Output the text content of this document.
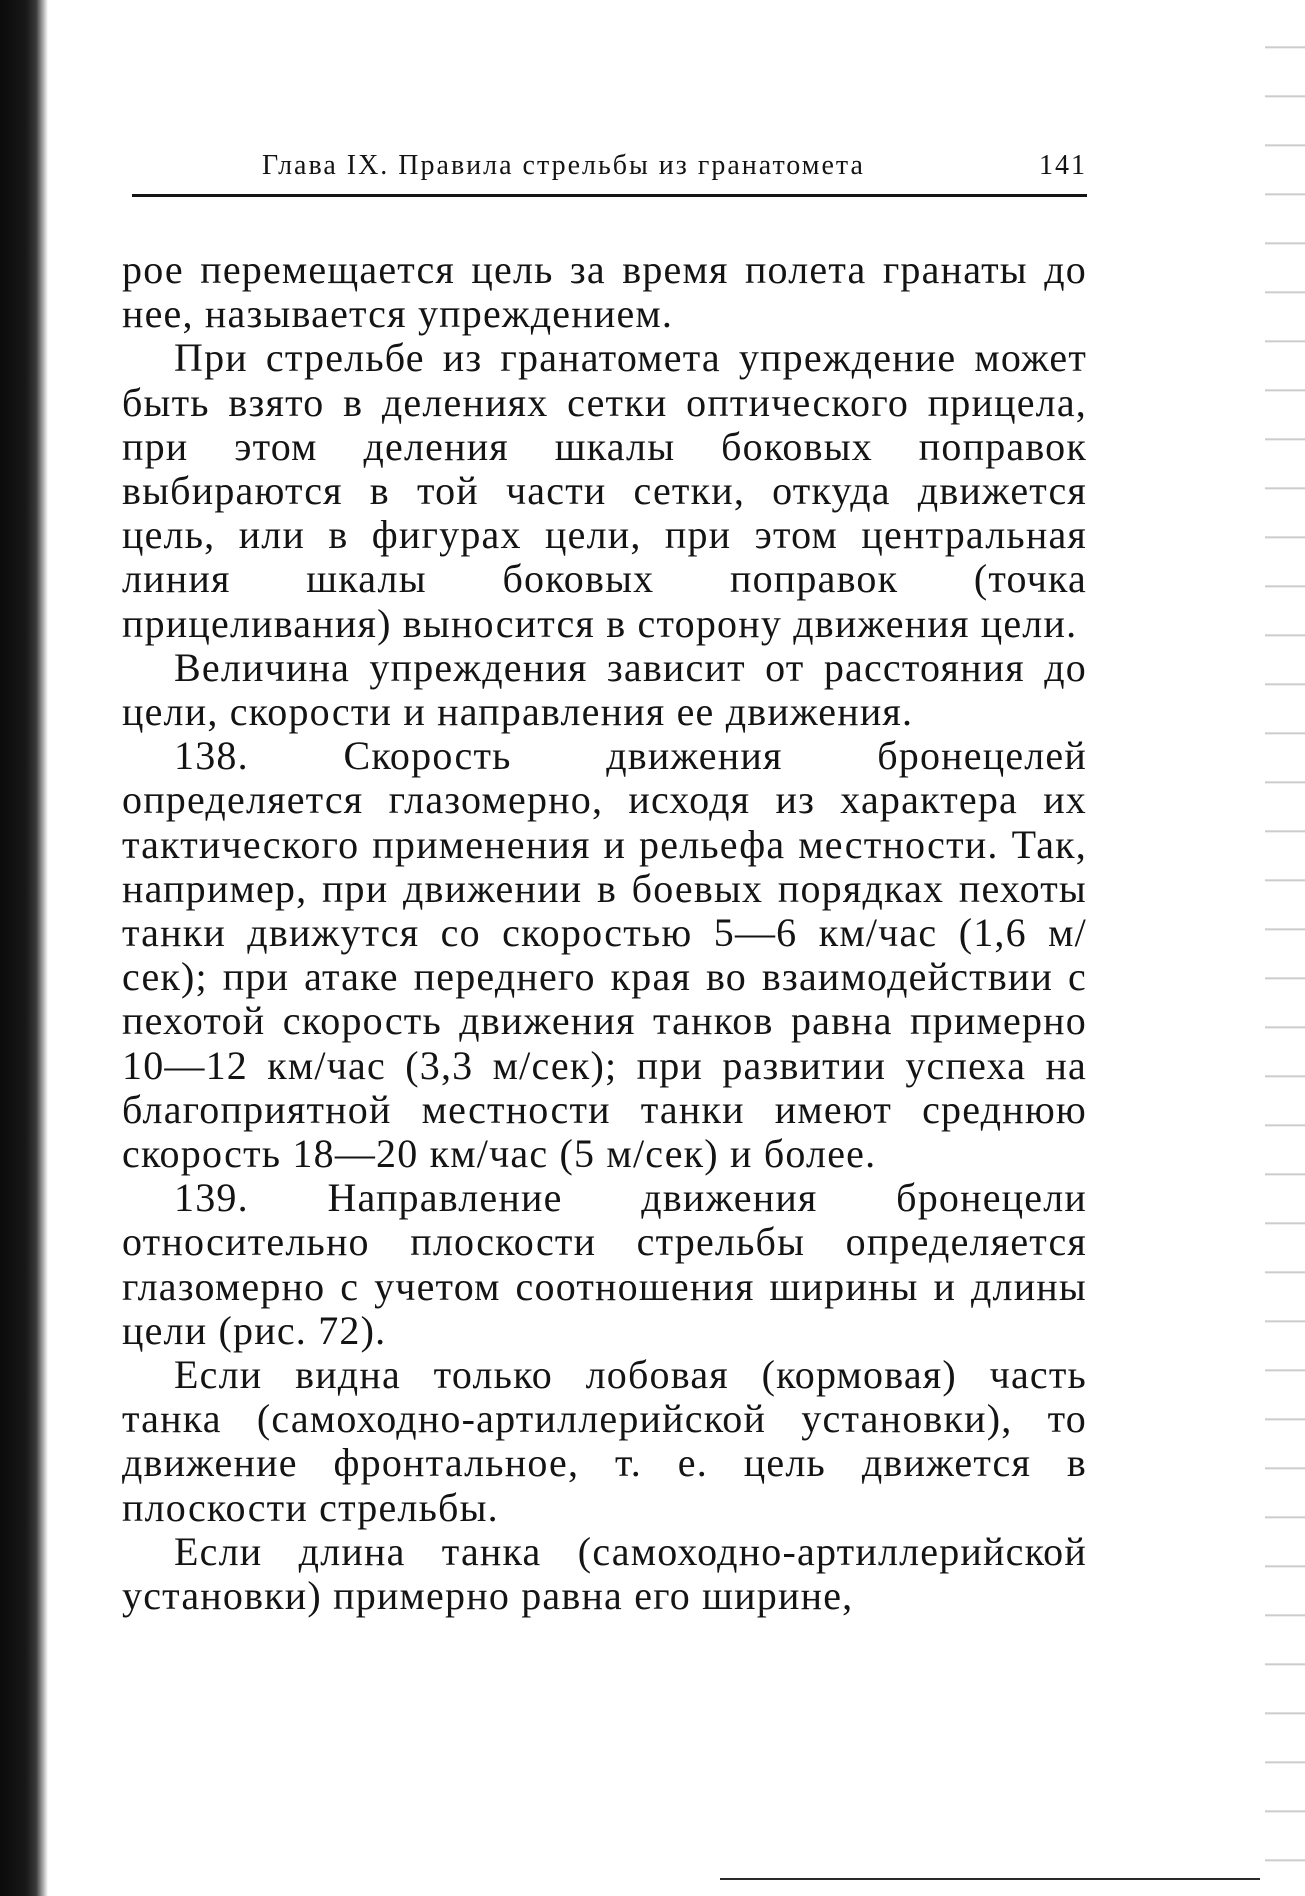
Глава IX. Правила стрельбы из гранатомета	141

рое перемещается цель за время полета гранаты до нее, называется упреждением.

При стрельбе из гранатомета упреждение может быть взято в делениях сетки оптического прицела, при этом деления шкалы боковых поправок выбираются в той части сетки, откуда движется цель, или в фигурах цели, при этом центральная линия шкалы боковых поправок (точка прицеливания) выносится в сторону движения цели.

Величина упреждения зависит от расстояния до цели, скорости и направления ее движения.

138. Скорость движения бронецелей определяется глазомерно, исходя из характера их тактического применения и рельефа местности. Так, например, при движении в боевых порядках пехоты танки движутся со скоростью 5—6 км/час (1,6 м/сек); при атаке переднего края во взаимодействии с пехотой скорость движения танков равна примерно 10—12 км/час (3,3 м/сек); при развитии успеха на благоприятной местности танки имеют среднюю скорость 18—20 км/час (5 м/сек) и более.

139. Направление движения бронецели относительно плоскости стрельбы определяется глазомерно с учетом соотношения ширины и длины цели (рис. 72).

Если видна только лобовая (кормовая) часть танка (самоходно-артиллерийской установки), то движение фронтальное, т. е. цель движется в плоскости стрельбы.

Если длина танка (самоходно-артиллерийской установки) примерно равна его ширине,
